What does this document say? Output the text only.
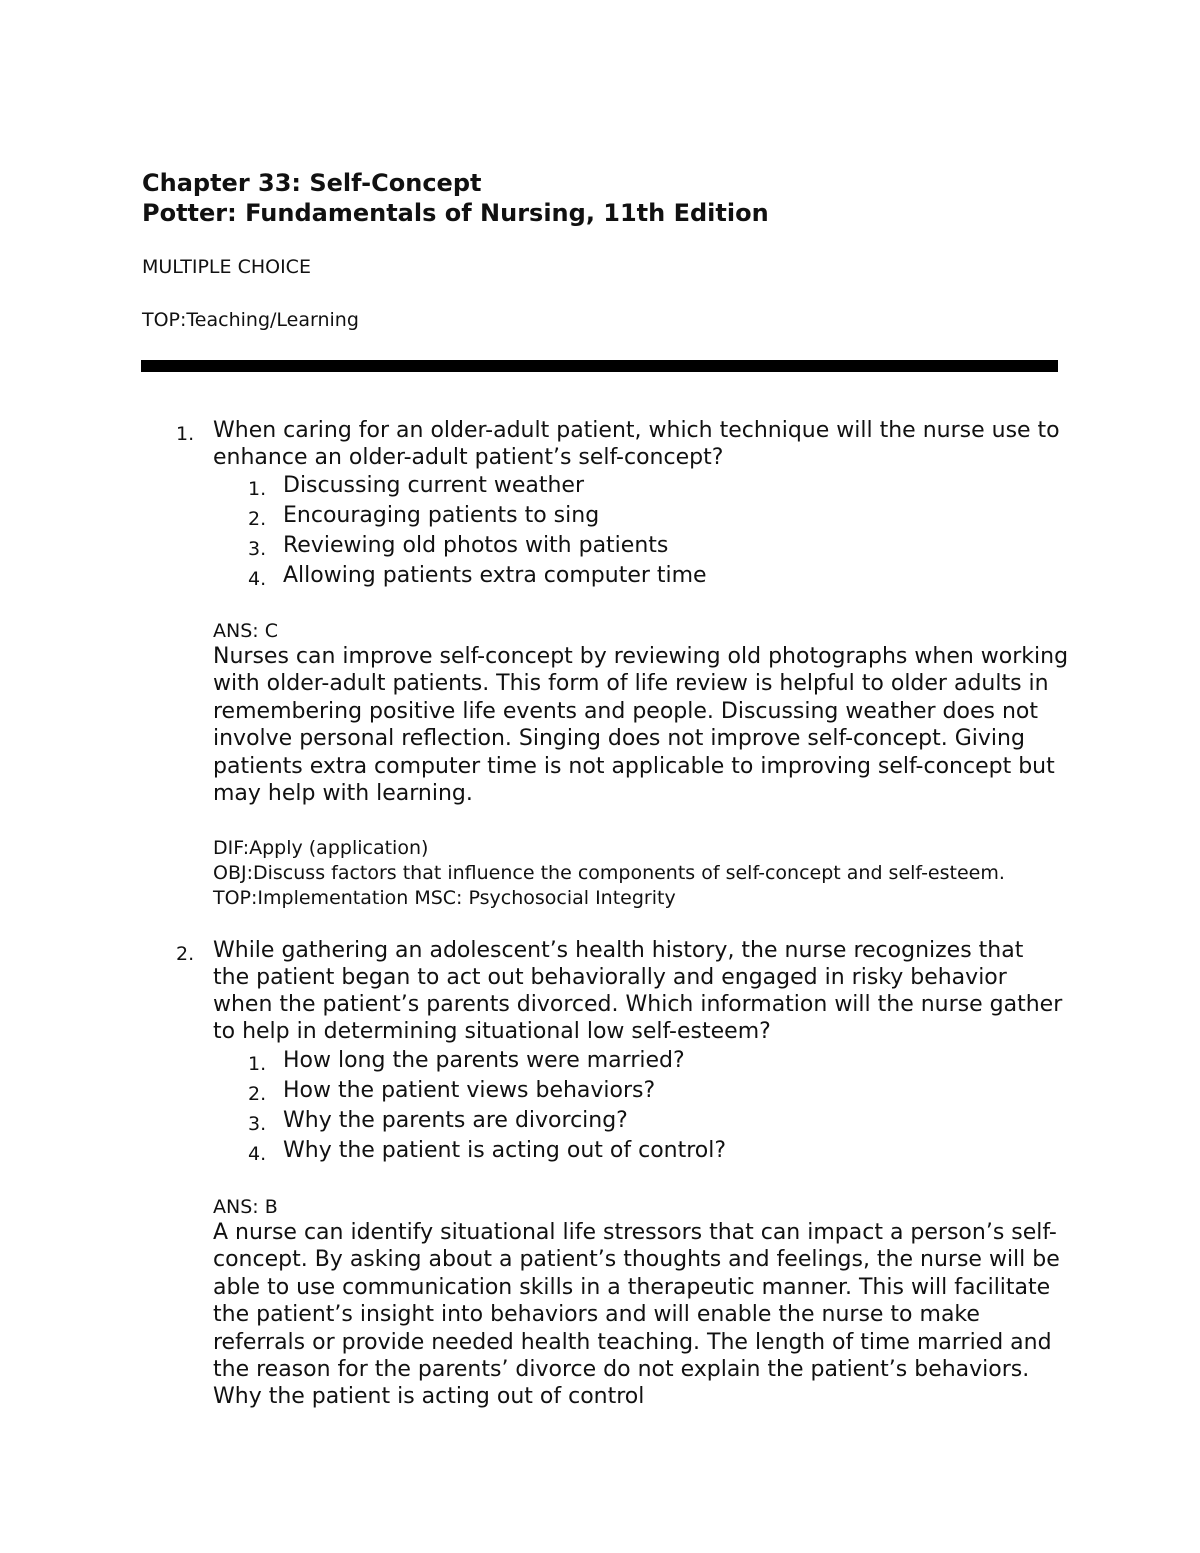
Chapter 33: Self-Concept
Potter: Fundamentals of Nursing, 11th Edition

MULTIPLE CHOICE

TOP:Teaching/Learning

1. When caring for an older-adult patient, which technique will the nurse use to enhance an older-adult patient’s self-concept?

1. Discussing current weather
2. Encouraging patients to sing
3. Reviewing old photos with patients
4. Allowing patients extra computer time

ANS: C

Nurses can improve self-concept by reviewing old photographs when working with older-adult patients. This form of life review is helpful to older adults in remembering positive life events and people. Discussing weather does not involve personal reflection. Singing does not improve self-concept. Giving patients extra computer time is not applicable to improving self-concept but may help with learning.

DIF:Apply (application)

OBJ:Discuss factors that influence the components of self-concept and self-esteem. TOP:Implementation MSC: Psychosocial Integrity

2. While gathering an adolescent’s health history, the nurse recognizes that the patient began to act out behaviorally and engaged in risky behavior when the patient’s parents divorced. Which information will the nurse gather to help in determining situational low self-esteem?

1. How long the parents were married?
2. How the patient views behaviors?
3. Why the parents are divorcing?
4. Why the patient is acting out of control?

ANS: B

A nurse can identify situational life stressors that can impact a person’s self-concept. By asking about a patient’s thoughts and feelings, the nurse will be able to use communication skills in a therapeutic manner. This will facilitate the patient’s insight into behaviors and will enable the nurse to make referrals or provide needed health teaching. The length of time married and the reason for the parents’ divorce do not explain the patient’s behaviors. Why the patient is acting out of control
